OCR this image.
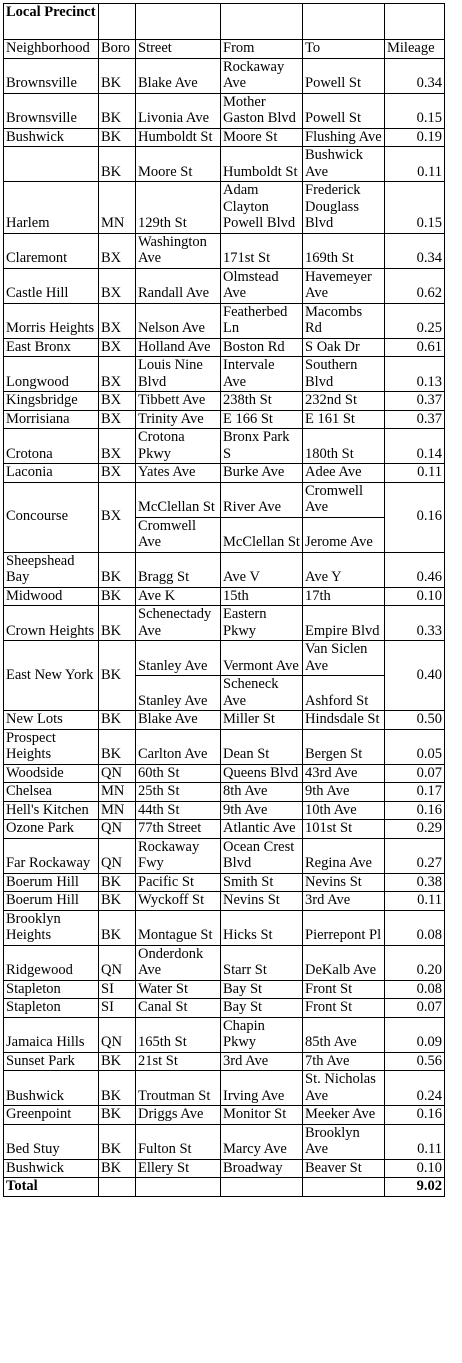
Local Precinct					
Neighborhood	Boro	Street	From	To	Mileage
Brownsville	BK	Blake Ave	Rockaway Ave	Powell St	0.34
Brownsville	BK	Livonia Ave	Mother Gaston Blvd	Powell St	0.15
Bushwick	BK	Humboldt St	Moore St	Flushing Ave	0.19
	BK	Moore St	Humboldt St	Bushwick Ave	0.11
Harlem	MN	129th St	Adam Clayton Powell Blvd	Frederick Douglass Blvd	0.15
Claremont	BX	Washington Ave	171st St	169th St	0.34
Castle Hill	BX	Randall Ave	Olmstead Ave	Havemeyer Ave	0.62
Morris Heights	BX	Nelson Ave	Featherbed Ln	Macombs Rd	0.25
East Bronx	BX	Holland Ave	Boston Rd	S Oak Dr	0.61
Longwood	BX	Louis Nine Blvd	Intervale Ave	Southern Blvd	0.13
Kingsbridge	BX	Tibbett Ave	238th St	232nd St	0.37
Morrisiana	BX	Trinity Ave	E 166 St	E 161 St	0.37
Crotona	BX	Crotona Pkwy	Bronx Park S	180th St	0.14
Laconia	BX	Yates Ave	Burke Ave	Adee Ave	0.11
Concourse	BX	McClellan St	River Ave	Cromwell Ave	0.16
		Cromwell Ave	McClellan St	Jerome Ave	
Sheepshead Bay	BK	Bragg St	Ave V	Ave Y	0.46
Midwood	BK	Ave K	15th	17th	0.10
Crown Heights	BK	Schenectady Ave	Eastern Pkwy	Empire Blvd	0.33
East New York	BK	Stanley Ave	Vermont Ave	Van Siclen Ave	0.40
		Stanley Ave	Scheneck Ave	Ashford St	
New Lots	BK	Blake Ave	Miller St	Hindsdale St	0.50
Prospect Heights	BK	Carlton Ave	Dean St	Bergen St	0.05
Woodside	QN	60th St	Queens Blvd	43rd Ave	0.07
Chelsea	MN	25th St	8th Ave	9th Ave	0.17
Hell's Kitchen	MN	44th St	9th Ave	10th Ave	0.16
Ozone Park	QN	77th Street	Atlantic Ave	101st St	0.29
Far Rockaway	QN	Rockaway Fwy	Ocean Crest Blvd	Regina Ave	0.27
Boerum Hill	BK	Pacific St	Smith St	Nevins St	0.38
Boerum Hill	BK	Wyckoff St	Nevins St	3rd Ave	0.11
Brooklyn Heights	BK	Montague St	Hicks St	Pierrepont Pl	0.08
Ridgewood	QN	Onderdonk Ave	Starr St	DeKalb Ave	0.20
Stapleton	SI	Water St	Bay St	Front St	0.08
Stapleton	SI	Canal St	Bay St	Front St	0.07
Jamaica Hills	QN	165th St	Chapin Pkwy	85th Ave	0.09
Sunset Park	BK	21st St	3rd Ave	7th Ave	0.56
Bushwick	BK	Troutman St	Irving Ave	St. Nicholas Ave	0.24
Greenpoint	BK	Driggs Ave	Monitor St	Meeker Ave	0.16
Bed Stuy	BK	Fulton St	Marcy Ave	Brooklyn Ave	0.11
Bushwick	BK	Ellery St	Broadway	Beaver St	0.10
Total					9.02
